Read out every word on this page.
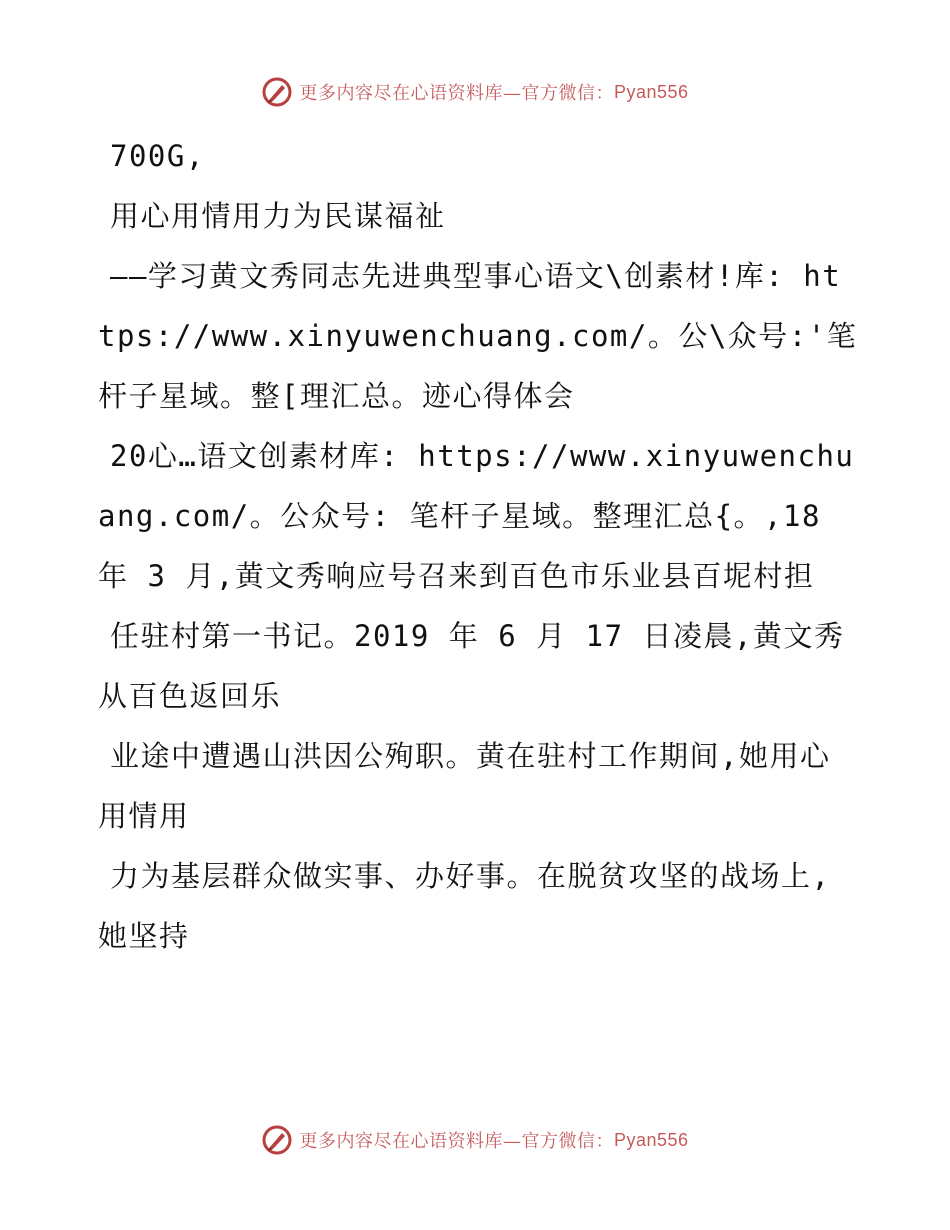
更多内容尽在心语资料库—官方微信： Pyan556

700G,

用心用情用力为民谋福祉

——学习黄文秀同志先进典型事心语文\创素材!库: https://www.xinyuwenchuang.com/。公\众号:'笔杆子星域。整[理汇总。迹心得体会

20心…语文创素材库: https://www.xinyuwenchuang.com/。公众号: 笔杆子星域。整理汇总{。,18 年 3 月,黄文秀响应号召来到百色市乐业县百坭村担

任驻村第一书记。2019 年 6 月 17 日凌晨,黄文秀从百色返回乐

业途中遭遇山洪因公殉职。黄在驻村工作期间,她用心用情用

力为基层群众做实事、办好事。在脱贫攻坚的战场上,她坚持

更多内容尽在心语资料库—官方微信： Pyan556
